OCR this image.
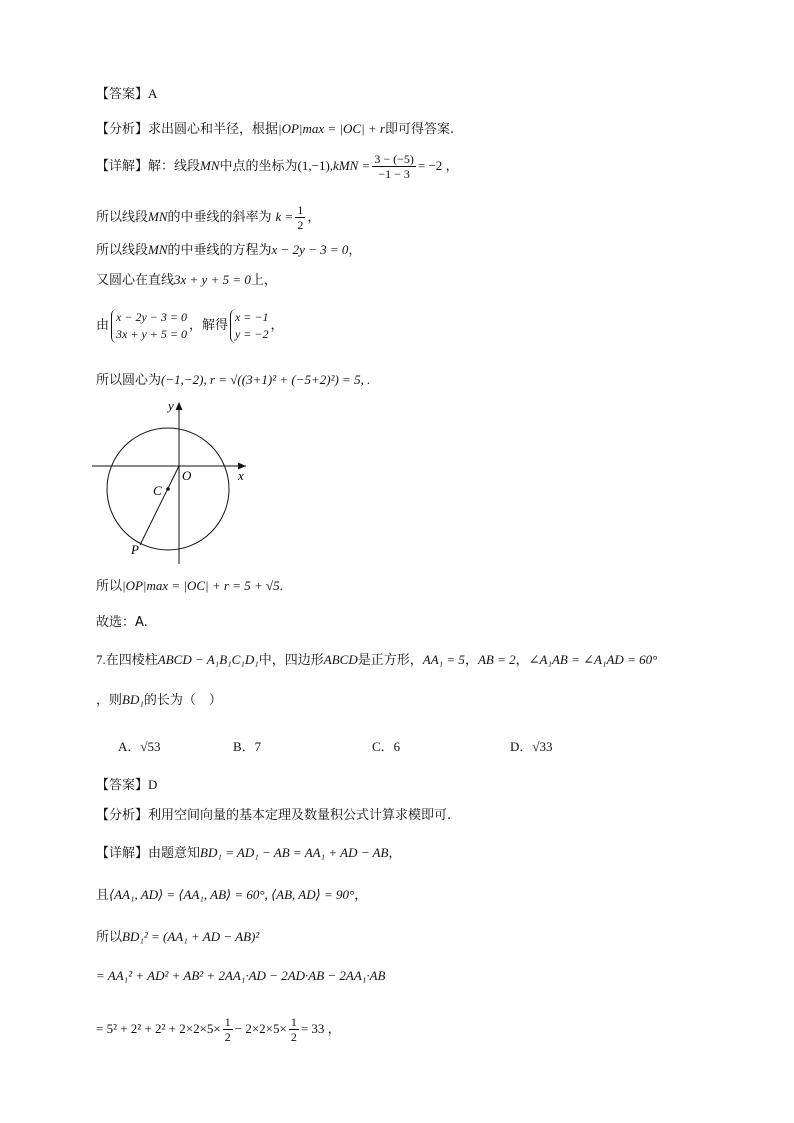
【答案】A
【分析】求出圆心和半径，根据|OP|max = |OC| + r即可得答案.
【详解】解：线段MN中点的坐标为$(1,-1),kMN = \frac{3 - (-5)}{-1 - 3} = -2$ ，
所以线段MN的中垂线的斜率为 $k = \frac{1}{2}$ ，
所以线段MN的中垂线的方程为x − 2y − 3 = 0，
又圆心在直线3x + y + 5 = 0上，
由
x − 2y − 3 = 0
3x + y + 5 = 0
，解得
x = −1
y = −2
，
所以圆心为(−1,−2), r = √((3+1)² + (−5+2)²) = 5, .
y
x
O
C
P
所以|OP|max = |OC| + r = 5 + √5.
故选：A.
7.在四棱柱ABCD − A₁B₁C₁D₁中，四边形ABCD是正方形，AA₁ = 5，AB = 2，∠A₁AB = ∠A₁AD = 60°
，则BD₁的长为（　）
A．√53	B．7	C．6	D．√33
【答案】D
【分析】利用空间向量的基本定理及数量积公式计算求模即可.
【详解】由题意知BD₁ = AD₁ − AB = AA₁ + AD − AB，
且⟨AA₁, AD⟩ = ⟨AA₁, AB⟩ = 60°, ⟨AB, AD⟩ = 90°，
所以BD₁² = (AA₁ + AD − AB)²
= AA₁² + AD² + AB² + 2AA₁·AD − 2AD·AB − 2AA₁·AB
= $5^2 + 2^2 + 2^2 + 2\times 2\times 5\times \frac{1}{2} - 2\times 2\times 5\times \frac{1}{2} = 33$ ，
